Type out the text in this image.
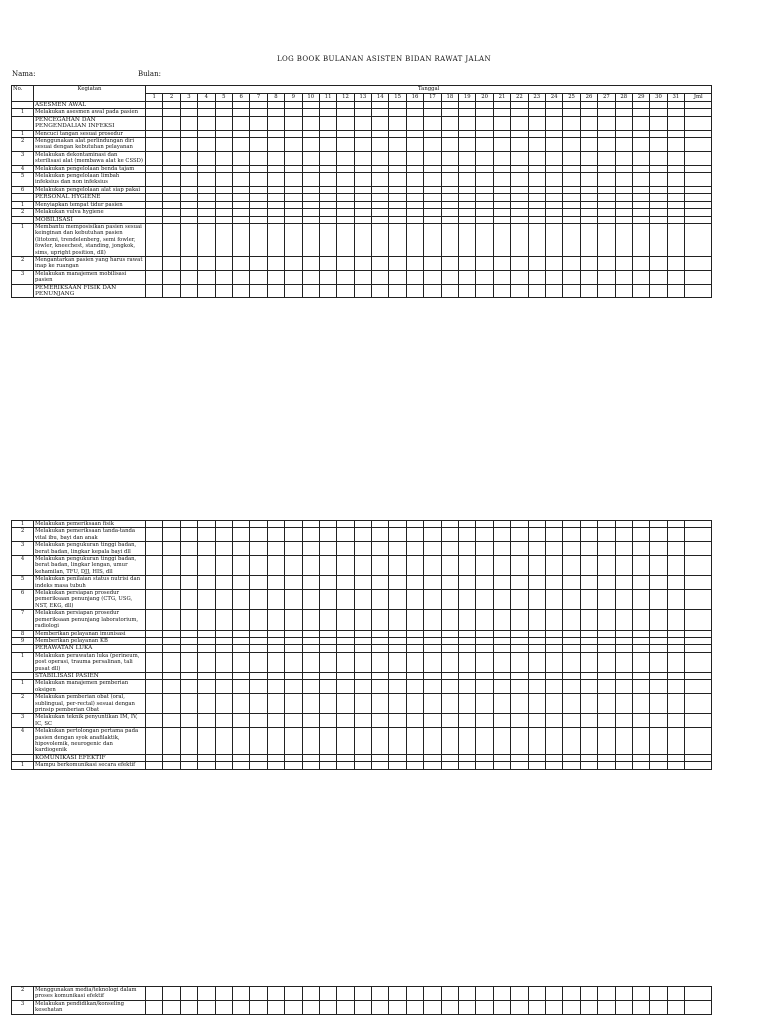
LOG BOOK BULANAN ASISTEN BIDAN RAWAT JALAN
Nama:	Bulan:
No.	Kegiatan	Tanggal																															
		1	2	3	4	5	6	7	8	9	10	11	12	13	14	15	16	17	18	19	20	21	22	23	24	25	26	27	28	29	30	31	Jml
	ASESMEN AWAL																																
1	Melakukan asesmen awal pada pasien																																
	PENCEGAHAN DAN PENGENDALIAN INFEKSI																																
1	Mencuci tangan sesuai prosedur																																
2	Menggunakan alat perlindungan diri sesuai dengan kebutuhan pelayanan																																
3	Melakukan dekontaminasi dan sterilisasi alat (membawa alat ke CSSD)																																
4	Melakukan pengelolaan benda tajam																																
5	Melakukan pengelolaan limbah infeksius dan non infeksius																																
6	Melakukan pengelolaan alat siap pakai																																
	PERSONAL HYGIENE																																
1	Menyiapkan tempat tidur pasien																																
2	Melakukan vulva hygiene																																
	MOBILISASI																																
1	Membantu memposisikan pasien sesuai keinginan dan kebutuhan pasien (litotomi, trendelenberg, semi fowler, fowler, kneechest, standing, jongkok, sims, upright position, dll)																																
2	Mengantarkan pasien yang harus rawat inap ke ruangan																																
3	Melakukan manajemen mobilisasi pasien																																
	PEMERIKSAAN FISIK DAN PENUNJANG																																
1	Melakukan pemeriksaan fisik																																
2	Melakukan pemeriksaan tanda-tanda vital ibu, bayi dan anak																																
3	Melakukan pengukuran tinggi badan, berat badan, lingkar kepala bayi dll																																
4	Melakukan pengukuran tinggi badan, berat badan, lingkar lengan, umur kehamilan, TFU, DJJ, HIS, dll																																
5	Melakukan penilaian status nutrisi dan indeks masa tubuh																																
6	Melakukan persiapan prosedur pemeriksaan penunjang (CTG, USG, NST, EKG, dll)																																
7	Melakukan persiapan prosedur pemeriksaan penunjang laboratorium, radiologi																																
8	Memberikan pelayanan imunisasi																																
9	Memberikan pelayanan KB																																
	PERAWATAN LUKA																																
1	Melakukan perawatan luka (perineum, post operasi, trauma persalinan, tali pusat dll)																																
	STABILISASI PASIEN																																
1	Melakukan manajemen pemberian oksigen																																
2	Melakukan pemberian obat (oral, sublingual, per-rectal) sesuai dengan prinsip pemberian Obat																																
3	Melakukan teknik penyuntikan IM, IV, IC, SC																																
4	Melakukan pertolongan pertama pada pasien dengan syok anafilaktik, hipovolemik, neurogenic dan kardiogenik																																
	KOMUNIKASI EFEKTIF																																
1	Mampu berkomunikasi secara efektif																																
2	Menggunakan media/teknologi dalam proses komunikasi efektif																																
3	Melakukan pendidikan/konseling kesehatan																																
